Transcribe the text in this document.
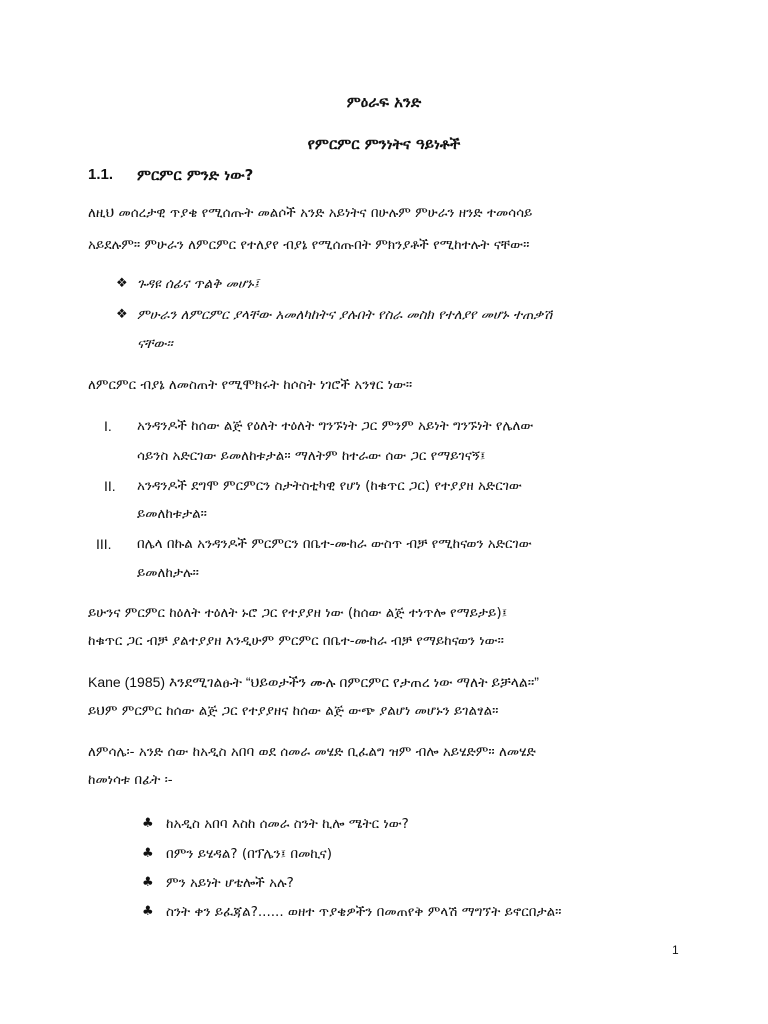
ምዕራፍ አንድ
የምርምር ምንነትና ዓይነቶች
1.1. ምርምር ምንድ ነው?
ለዚህ መሰረታዊ ጥያቄ የሚሰጡት መልሶች አንድ አይነትና በሁሉም ምሁራን ዘንድ ተመሳሳይ
አይደሉም። ምሁራን ለምርምር የተለያየ ብያኔ የሚሰጡበት ምክንያቶች የሚከተሉት ናቸው።
❖ ጉዳዩ ሰፊና ጥልቅ መሆኑ፤
❖ ምሁራን ለምርምር ያላቸው አመለካከትና ያሉበት የስራ መስክ የተለያየ መሆኑ ተጠቃሽ
ናቸው።
ለምርምር ብያኔ ለመስጠት የሚሞክሩት ከሶስት ነገሮች አንፃር ነው።
I. አንዳንዶች ከሰው ልጅ የዕለት ተዕለት ግንኙነት ጋር ምንም አይነት ግንኙነት የሌለው
ሳይንስ አድርገው ይመለከቱታል። ማለትም ከተራው ሰው ጋር የማይገናኝ፤
II. አንዳንዶች ደግሞ ምርምርን ስታትስቲካዊ የሆነ (ከቁጥር ጋር) የተያያዘ አድርገው
ይመለከቱታል።
III. በሌላ በኩል አንዳንዶች ምርምርን በቤተ-ሙከራ ውስጥ ብቻ የሚከናወን አድርገው
ይመለከታሉ።
ይሁንና ምርምር ከዕለት ተዕለት ኑሮ ጋር የተያያዘ ነው (ከሰው ልጅ ተነጥሎ የማይታይ)፤
ከቁጥር ጋር ብቻ ያልተያያዘ እንዲሁም ምርምር በቤተ-ሙከራ ብቻ የማይከናወን ነው።
Kane (1985) እንደሚገልፁት “ህይወታችን ሙሉ በምርምር የታጠረ ነው ማለት ይቻላል።”
ይህም ምርምር ከሰው ልጅ ጋር የተያያዘና ከሰው ልጅ ውጭ ያልሆነ መሆኑን ይገልፃል።
ለምሳሌ፡- አንድ ሰው ከአዲስ አበባ ወደ ሰመራ መሄድ ቢፈልግ ዝም ብሎ አይሄድም። ለመሄድ
ከመነሳቱ በፊት ፡-
♣ ከአዲስ አበባ እስከ ሰመራ ስንት ኪሎ ሜትር ነው?
♣ በምን ይሄዳል? (በፕሌን፤ በመኪና)
♣ ምን አይነት ሆቴሎች አሉ?
♣ ስንት ቀን ይፈጃል?...... ወዘተ ጥያቄዎችን በመጠየቅ ምላሽ ማግኘት ይኖርበታል።
1
